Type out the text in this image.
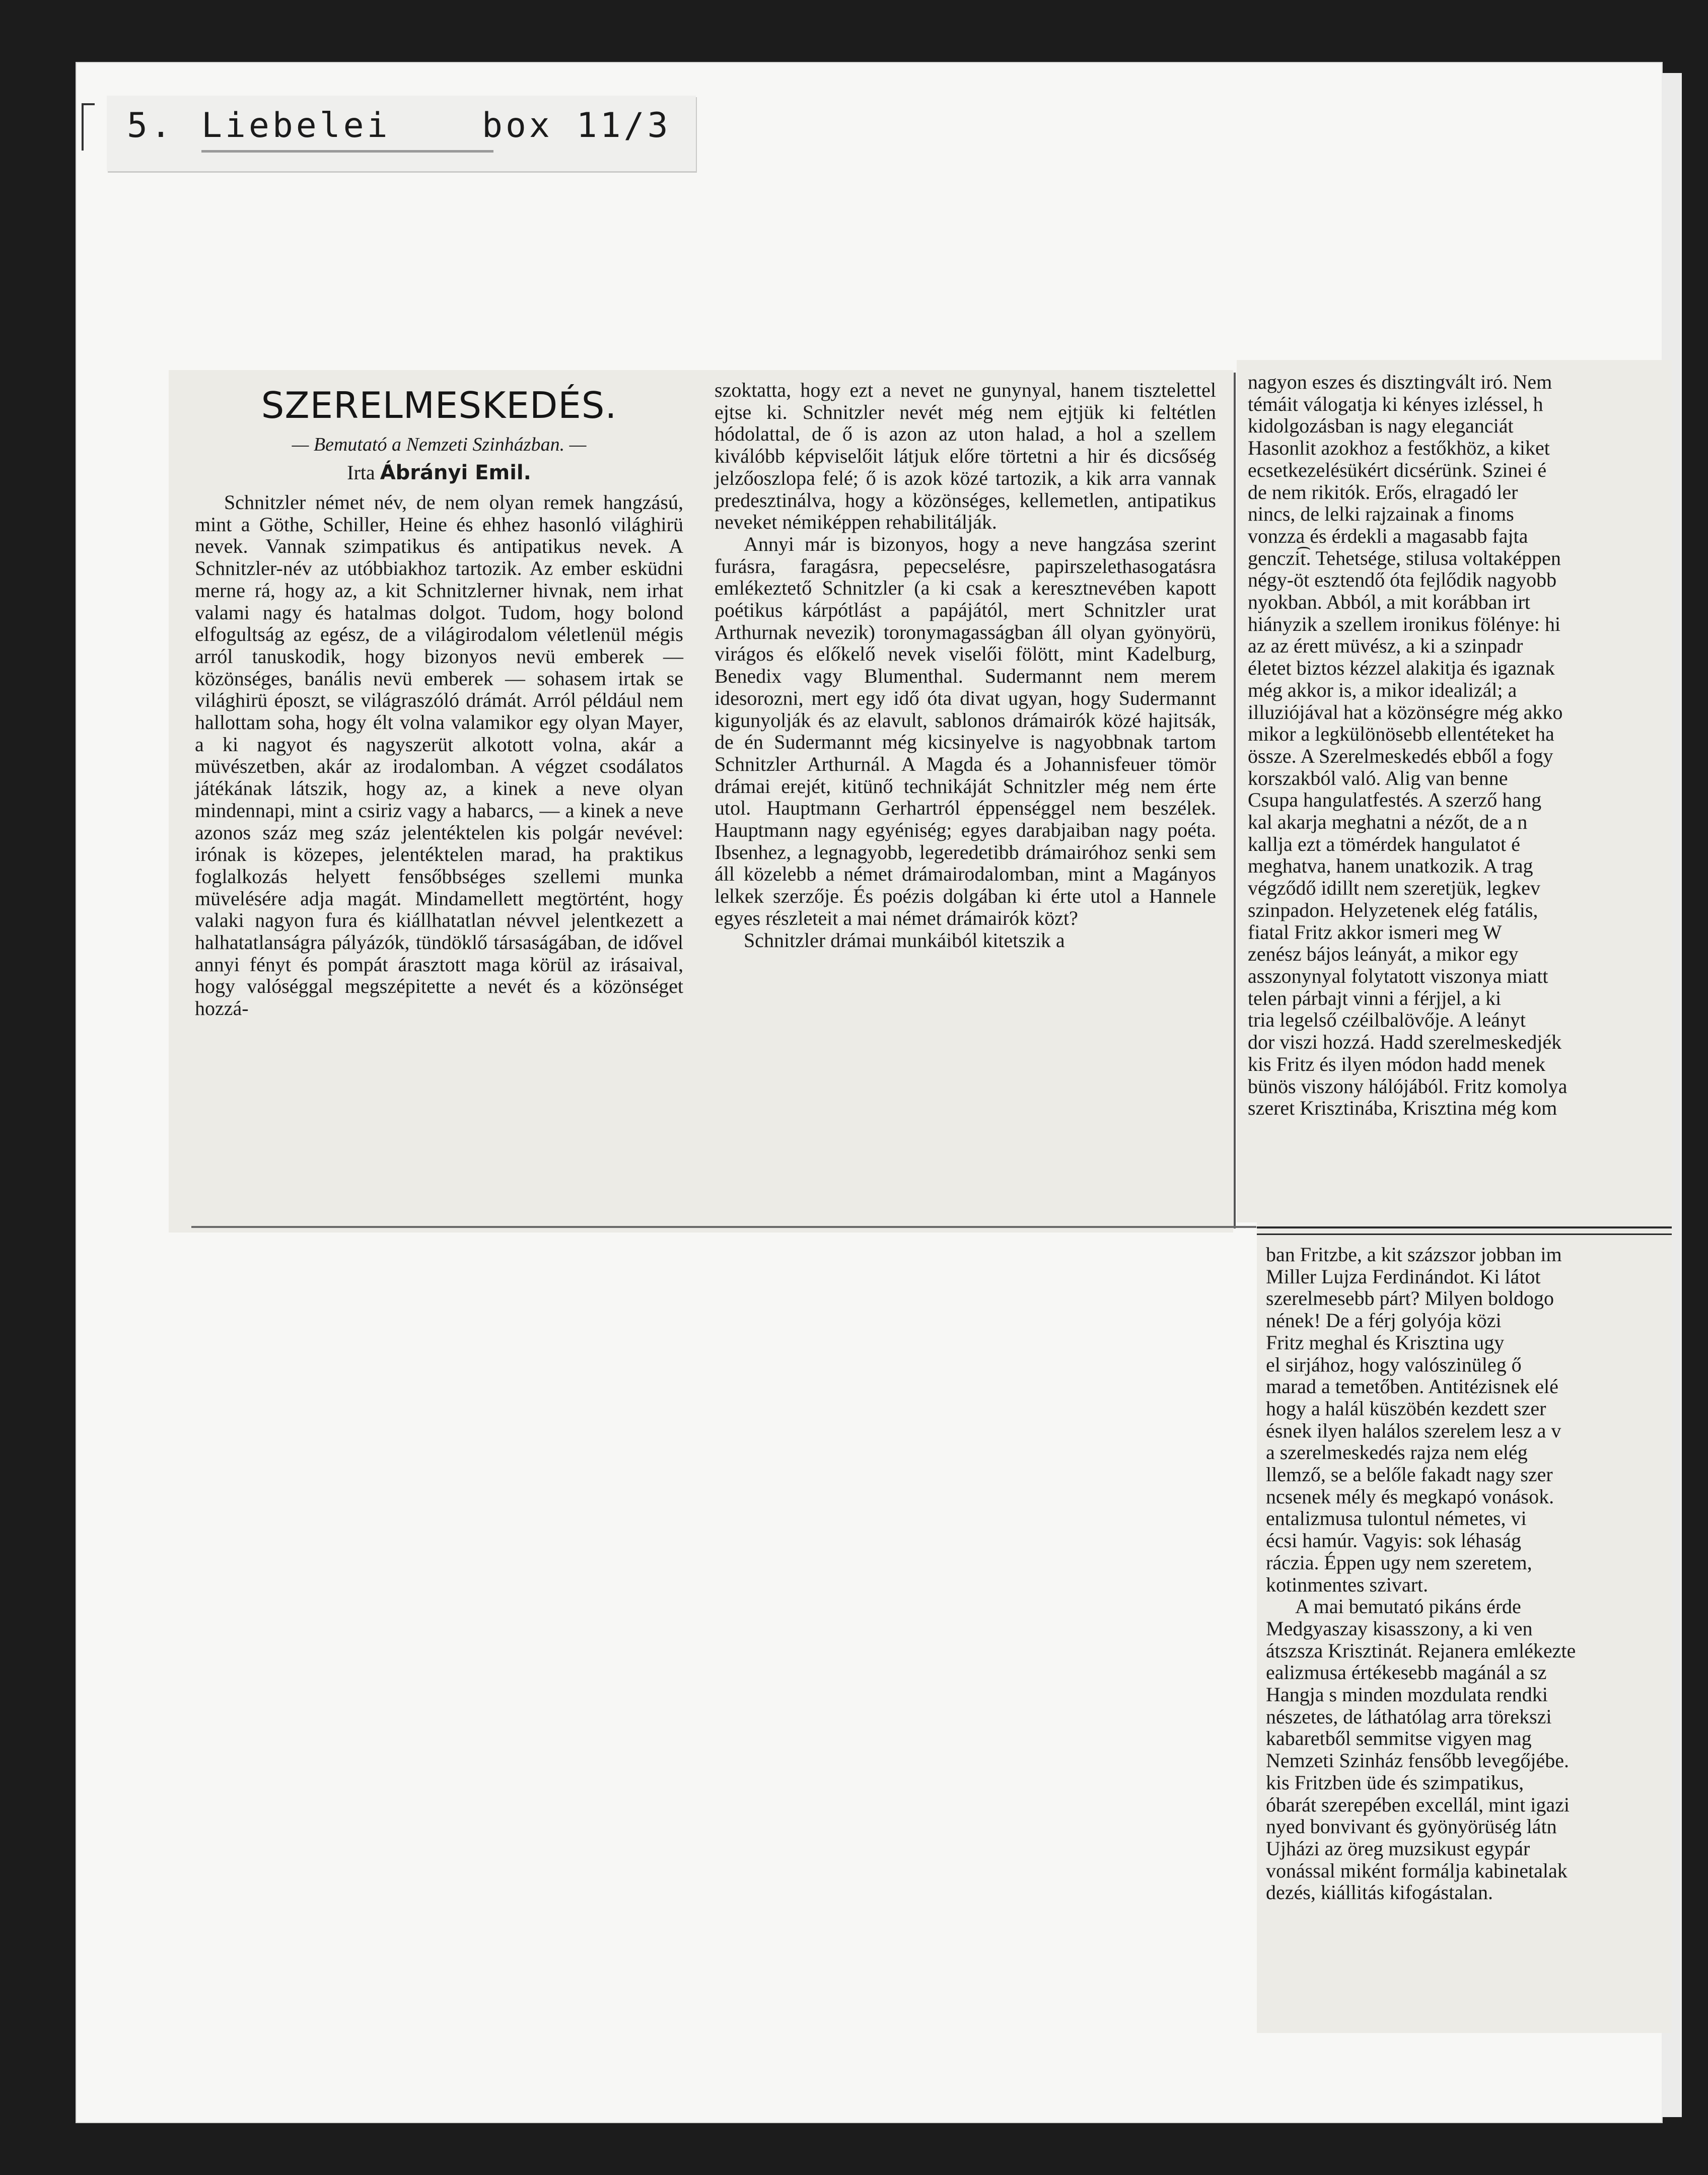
5. Liebelei	box 11/3
SZERELMESKEDÉS.
— Bemutató a Nemzeti Szinházban. —
Irta Ábrányi Emil.
Schnitzler német név, de nem olyan remek hangzású, mint a Göthe, Schiller, Heine és ehhez hasonló világhirü nevek. Vannak szimpatikus és antipatikus nevek. A Schnitzler-név az utóbbiakhoz tartozik. Az ember esküdni merne rá, hogy az, a kit Schnitzlerner hivnak, nem irhat valami nagy és hatalmas dolgot. Tudom, hogy bolond elfogultság az egész, de a világirodalom véletlenül mégis arról tanuskodik, hogy bizonyos nevü emberek — közönséges, banális nevü emberek — sohasem irtak se világhirü époszt, se világraszóló drámát. Arról például nem hallottam soha, hogy élt volna valamikor egy olyan Mayer, a ki nagyot és nagyszerüt alkotott volna, akár a müvészetben, akár az irodalomban. A végzet csodálatos játékának látszik, hogy az, a kinek a neve olyan mindennapi, mint a csiriz vagy a habarcs, — a kinek a neve azonos száz meg száz jelentéktelen kis polgár nevével: irónak is közepes, jelentéktelen marad, ha praktikus foglalkozás helyett fensőbbséges szellemi munka müvelésére adja magát. Mindamellett megtörtént, hogy valaki nagyon fura és kiállhatatlan névvel jelentkezett a halhatatlanságra pályázók, tündöklő társaságában, de idővel annyi fényt és pompát árasztott maga körül az irásaival, hogy valóséggal megszépitette a nevét és a közönséget hozzá-
szoktatta, hogy ezt a nevet ne gunynyal, hanem tisztelettel ejtse ki. Schnitzler nevét még nem ejtjük ki feltétlen hódolattal, de ő is azon az uton halad, a hol a szellem kiválóbb képviselőit látjuk előre törtetni a hir és dicsőség jelzőoszlopa felé; ő is azok közé tartozik, a kik arra vannak predesztinálva, hogy a közönséges, kellemetlen, antipatikus neveket némiképpen rehabilitálják.
Annyi már is bizonyos, hogy a neve hangzása szerint furásra, faragásra, pepecselésre, papirszelethasogatásra emlékeztető Schnitzler (a ki csak a keresztnevében kapott poétikus kárpótlást a papájától, mert Schnitzler urat Arthurnak nevezik) toronymagasságban áll olyan gyönyörü, virágos és előkelő nevek viselői fölött, mint Kadelburg, Benedix vagy Blumenthal. Sudermannt nem merem idesorozni, mert egy idő óta divat ugyan, hogy Sudermannt kigunyolják és az elavult, sablonos drámairók közé hajitsák, de én Sudermannt még kicsinyelve is nagyobbnak tartom Schnitzler Arthurnál. A Magda és a Johannisfeuer tömör drámai erejét, kitünő technikáját Schnitzler még nem érte utol. Hauptmann Gerhartról éppenséggel nem beszélek. Hauptmann nagy egyéniség; egyes darabjaiban nagy poéta. Ibsenhez, a legnagyobb, legeredetibb drámairóhoz senki sem áll közelebb a német drámairodalomban, mint a Magányos lelkek szerzője. És poézis dolgában ki érte utol a Hannele egyes részleteit a mai német drámairók közt?
Schnitzler drámai munkáiból kitetszik a
nagyon eszes és disztingvált iró. Nem
témáit válogatja ki kényes izléssel, h
kidolgozásban is nagy eleganciát
Hasonlit azokhoz a festőkhöz, a kiket
ecsetkezelésükért dicsérünk. Szinei é
de nem rikitók. Erős, elragadó ler
nincs, de lelki rajzainak a finoms
vonzza és érdekli a magasabb fajta
genczi͡t. Tehetsége, stilusa voltaképpen
négy-öt esztendő óta fejlődik nagyobb
nyokban. Abból, a mit korábban irt
hiányzik a szellem ironikus fölénye: hi
az az érett müvész, a ki a szinpadr
életet biztos kézzel alakitja és igaznak
még akkor is, a mikor idealizál; a
illuziójával hat a közönségre még akko
mikor a legkülönösebb ellentéteket ha
össze. A Szerelmeskedés ebből a fogy
korszakból való. Alig van benne
Csupa hangulatfestés. A szerző hang
kal akarja meghatni a nézőt, de a n
kallja ezt a tömérdek hangulatot é
meghatva, hanem unatkozik. A trag
végződő idillt nem szeretjük, legkev
szinpadon. Helyzetenek elég fatális,
fiatal Fritz akkor ismeri meg W
zenész bájos leányát, a mikor egy
asszonynyal folytatott viszonya miatt
telen párbajt vinni a férjjel, a ki
tria legelső czéilbalövője. A leányt
dor viszi hozzá. Hadd szerelmeskedjék
kis Fritz és ilyen módon hadd menek
bünös viszony hálójából. Fritz komolya
szeret Krisztinába, Krisztina még kom
ban Fritzbe, a kit százszor jobban im
Miller Lujza Ferdinándot. Ki látot
szerelmesebb párt? Milyen boldogo
nének! De a férj golyója közi
Fritz meghal és Krisztina ugy
el sirjához, hogy valószinüleg ő
marad a temetőben. Antitézisnek elé
hogy a halál küszöbén kezdett szer
ésnek ilyen halálos szerelem lesz a v
a szerelmeskedés rajza nem elég
llemző, se a belőle fakadt nagy szer
ncsenek mély és megkapó vonások.
entalizmusa tulontul németes, vi
écsi hamúr. Vagyis: sok léhaság
ráczia. Éppen ugy nem szeretem,
kotinmentes szivart.
A mai bemutató pikáns érde
Medgyaszay kisasszony, a ki ven
átszsza Krisztinát. Rejanera emlékezte
ealizmusa értékesebb magánál a sz
Hangja s minden mozdulata rendki
nészetes, de láthatólag arra törekszi
kabaretből semmitse vigyen mag
Nemzeti Szinház fensőbb levegőjébe.
kis Fritzben üde és szimpatikus,
óbarát szerepében excellál, mint igazi
nyed bonvivant és gyönyörüség látn
Ujházi az öreg muzsikust egypár
vonással miként formálja kabinetalak
dezés, kiállitás kifogástalan.
